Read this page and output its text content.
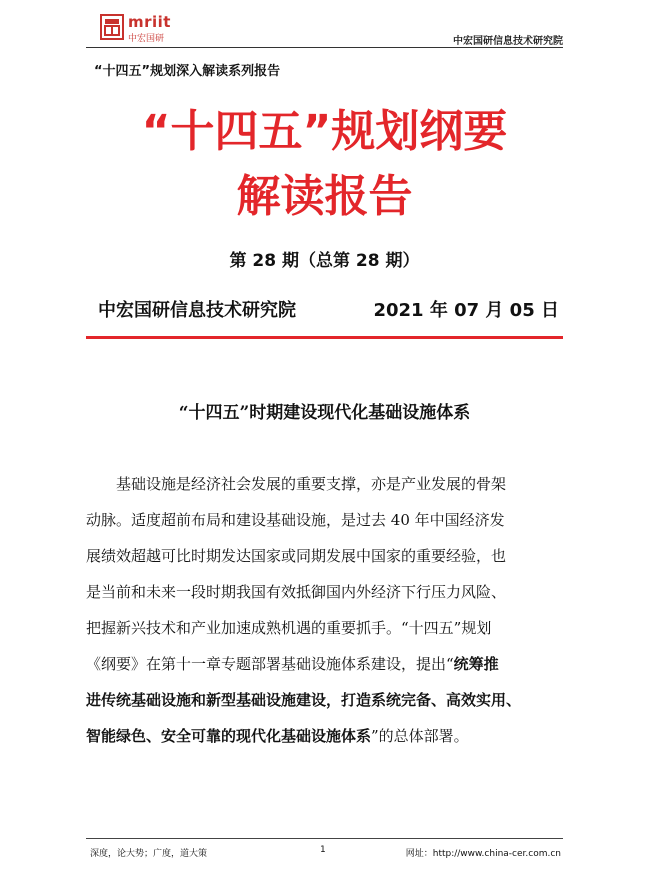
mriit
中宏国研	中宏国研信息技术研究院
“十四五”规划深入解读系列报告
“十四五”规划纲要
解读报告
第 28 期（总第 28 期）
中宏国研信息技术研究院	2021 年 07 月 05 日
“十四五”时期建设现代化基础设施体系
基础设施是经济社会发展的重要支撑，亦是产业发展的骨架
动脉。适度超前布局和建设基础设施，是过去 40 年中国经济发
展绩效超越可比时期发达国家或同期发展中国家的重要经验，也
是当前和未来一段时期我国有效抵御国内外经济下行压力风险、
把握新兴技术和产业加速成熟机遇的重要抓手。“十四五”规划
《纲要》在第十一章专题部署基础设施体系建设，提出“统筹推
进传统基础设施和新型基础设施建设，打造系统完备、高效实用、
智能绿色、安全可靠的现代化基础设施体系”的总体部署。
深度，论大势；广度，道大策	1	网址：http://www.china-cer.com.cn
